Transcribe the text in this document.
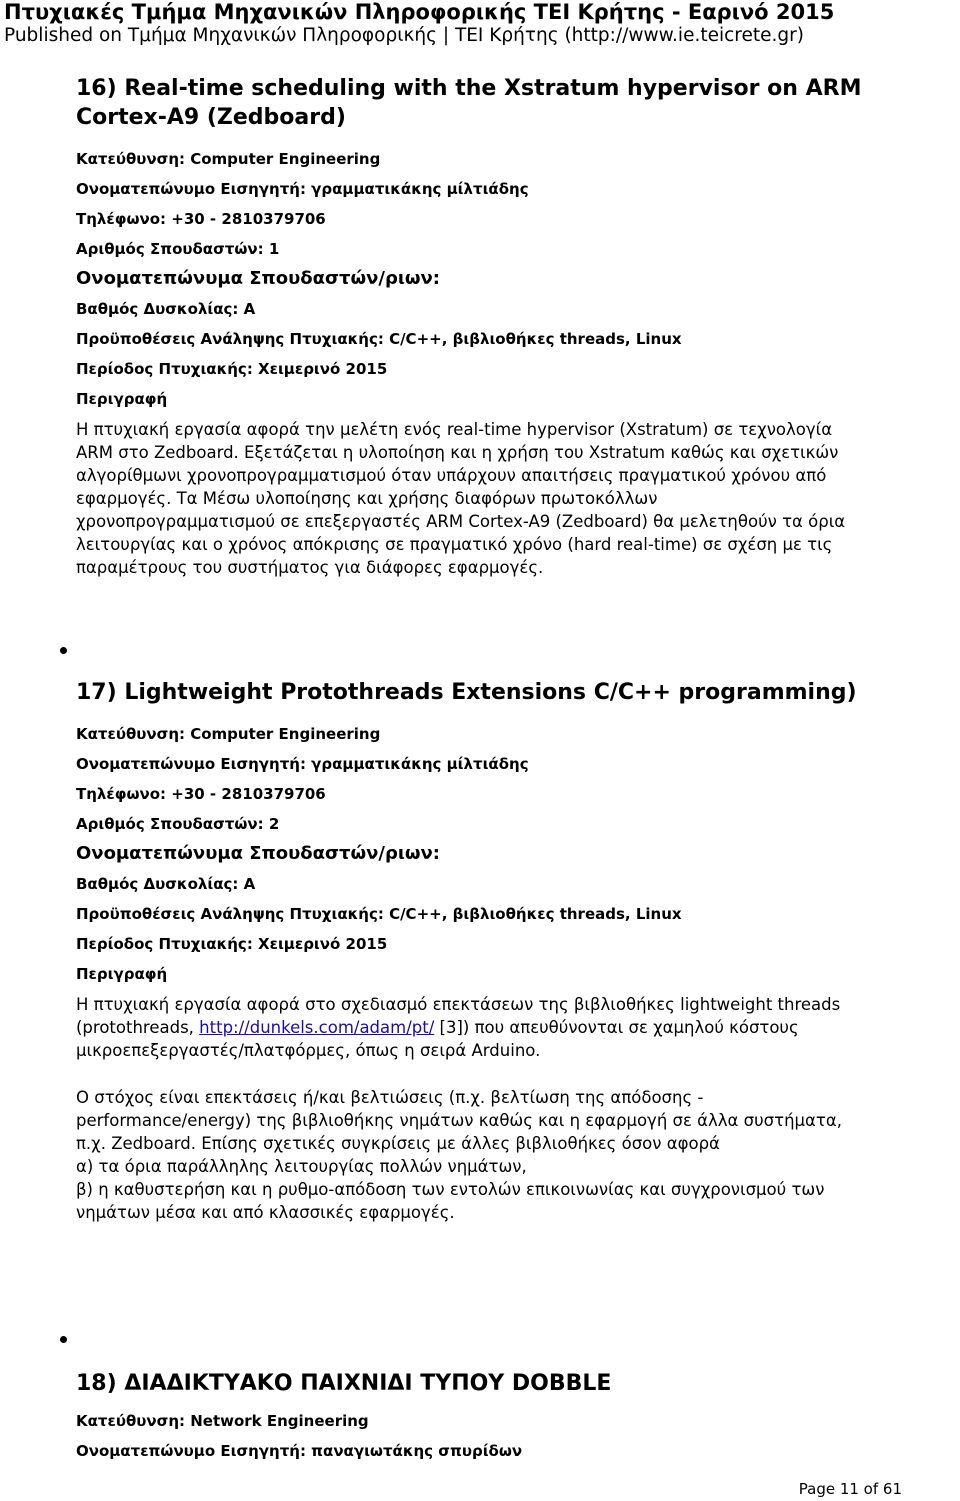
Πτυχιακές Τμήμα Μηχανικών Πληροφορικής ΤΕΙ Κρήτης - Εαρινό 2015
Published on Τμήμα Μηχανικών Πληροφορικής | ΤΕΙ Κρήτης (http://www.ie.teicrete.gr)
16) Real-time scheduling with the Xstratum hypervisor on ARM Cortex-A9 (Zedboard)

Κατεύθυνση: Computer Engineering

Ονοματεπώνυμο Εισηγητή: γραμματικάκης μίλτιάδης

Τηλέφωνο: +30 - 2810379706

Αριθμός Σπουδαστών: 1

Ονοματεπώνυμα Σπουδαστών/ριων:

Βαθμός Δυσκολίας: Α

Προϋποθέσεις Ανάληψης Πτυχιακής: C/C++, βιβλιοθήκες threads, Linux

Περίοδος Πτυχιακής: Χειμερινό 2015

Περιγραφή

Η πτυχιακή εργασία αφορά την μελέτη ενός real-time hypervisor (Xstratum) σε τεχνολογία

ARM στο Zedboard. Εξετάζεται η υλοποίηση και η χρήση του Xstratum καθώς και σχετικών

αλγορίθμωνι χρονοπρογραμματισμού όταν υπάρχουν απαιτήσεις πραγματικού χρόνου από

εφαρμογές. Τα Μέσω υλοποίησης και χρήσης διαφόρων πρωτοκόλλων

χρονοπρογραμματισμού σε επεξεργαστές ARM Cortex-A9 (Zedboard) θα μελετηθούν τα όρια

λειτουργίας και ο χρόνος απόκρισης σε πραγματικό χρόνο (hard real-time) σε σχέση με τις

παραμέτρους του συστήματος για διάφορες εφαρμογές.

17) Lightweight Protothreads Extensions C/C++ programming)

Κατεύθυνση: Computer Engineering

Ονοματεπώνυμο Εισηγητή: γραμματικάκης μίλτιάδης

Τηλέφωνο: +30 - 2810379706

Αριθμός Σπουδαστών: 2

Ονοματεπώνυμα Σπουδαστών/ριων:

Βαθμός Δυσκολίας: Α

Προϋποθέσεις Ανάληψης Πτυχιακής: C/C++, βιβλιοθήκες threads, Linux

Περίοδος Πτυχιακής: Χειμερινό 2015

Περιγραφή

Η πτυχιακή εργασία αφορά στο σχεδιασμό επεκτάσεων της βιβλιοθήκες lightweight threads

(protothreads, http://dunkels.com/adam/pt/ [3]) που απευθύνονται σε χαμηλού κόστους

μικροεπεξεργαστές/πλατφόρμες, όπως η σειρά Arduino.

Ο στόχος είναι επεκτάσεις ή/και βελτιώσεις (π.χ. βελτίωση της απόδοσης -

performance/energy) της βιβλιοθήκης νημάτων καθώς και η εφαρμογή σε άλλα συστήματα,

π.χ. Zedboard. Επίσης σχετικές συγκρίσεις με άλλες βιβλιοθήκες όσον αφορά

α) τα όρια παράλληλης λειτουργίας πολλών νημάτων,

β) η καθυστερήση και η ρυθμο-απόδοση των εντολών επικοινωνίας και συγχρονισμού των

νημάτων μέσα και από κλασσικές εφαρμογές.

18) ΔΙΑΔΙΚΤΥΑΚΟ ΠΑΙΧΝΙΔΙ ΤΥΠΟΥ DOBBLE

Κατεύθυνση: Network Engineering

Ονοματεπώνυμο Εισηγητή: παναγιωτάκης σπυρίδων

Page 11 of 61
